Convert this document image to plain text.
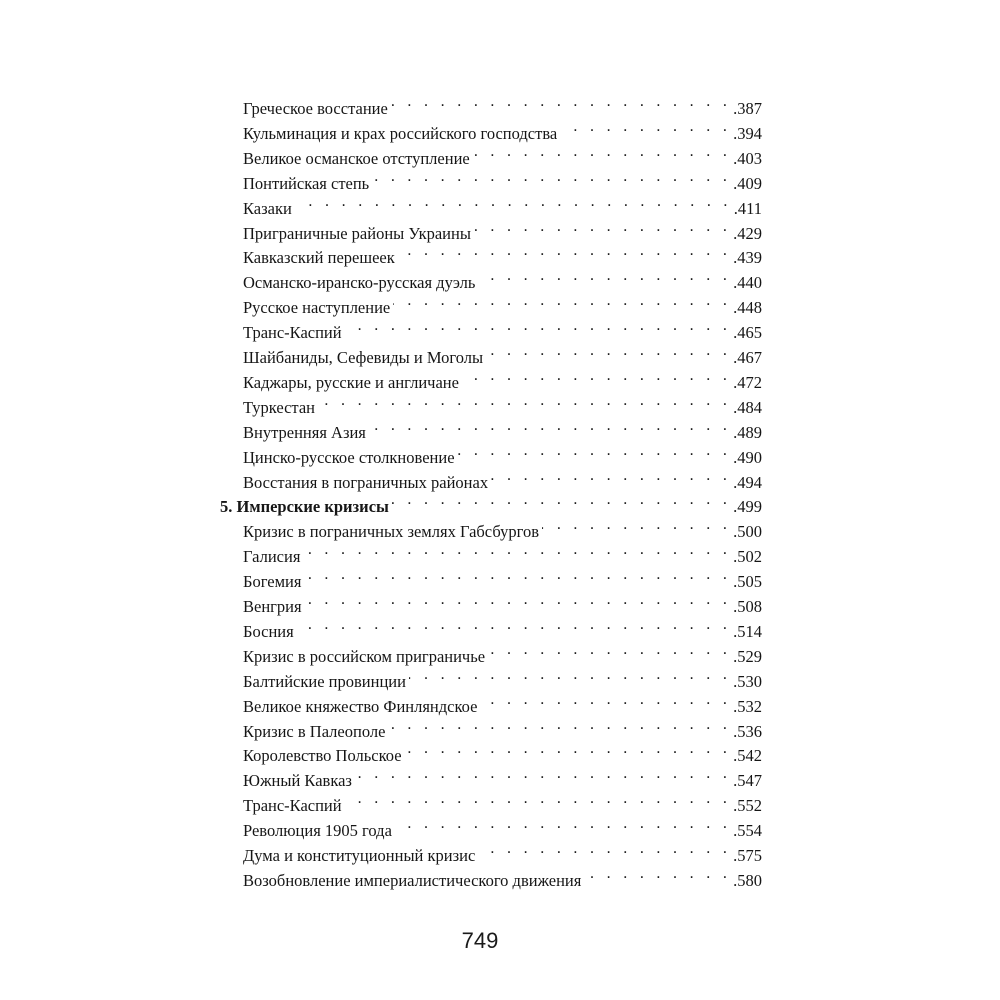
Греческое восстание . . .	.387
Кульминация и крах российского господства . . .	.394
Великое османское отступление . . .	.403
Понтийская степь . . .	.409
Казаки . . .	.411
Приграничные районы Украины . . .	.429
Кавказский перешеек . . .	.439
Османско-иранско-русская дуэль . . .	.440
Русское наступление . . .	.448
Транс-Каспий . . .	.465
Шайбаниды, Сефевиды и Моголы . . .	.467
Каджары, русские и англичане . . .	.472
Туркестан . . .	.484
Внутренняя Азия . . .	.489
Цинско-русское столкновение . . .	.490
Восстания в пограничных районах . . .	.494
5. Имперские кризисы . . .	.499
Кризис в пограничных землях Габсбургов . . .	.500
Галисия . . .	.502
Богемия . . .	.505
Венгрия . . .	.508
Босния . . .	.514
Кризис в российском приграничье . . .	.529
Балтийские провинции . . .	.530
Великое княжество Финляндское . . .	.532
Кризис в Палеополе . . .	.536
Королевство Польское . . .	.542
Южный Кавказ . . .	.547
Транс-Каспий . . .	.552
Революция 1905 года . . .	.554
Дума и конституционный кризис . . .	.575
Возобновление империалистического движения . . .	.580
749
